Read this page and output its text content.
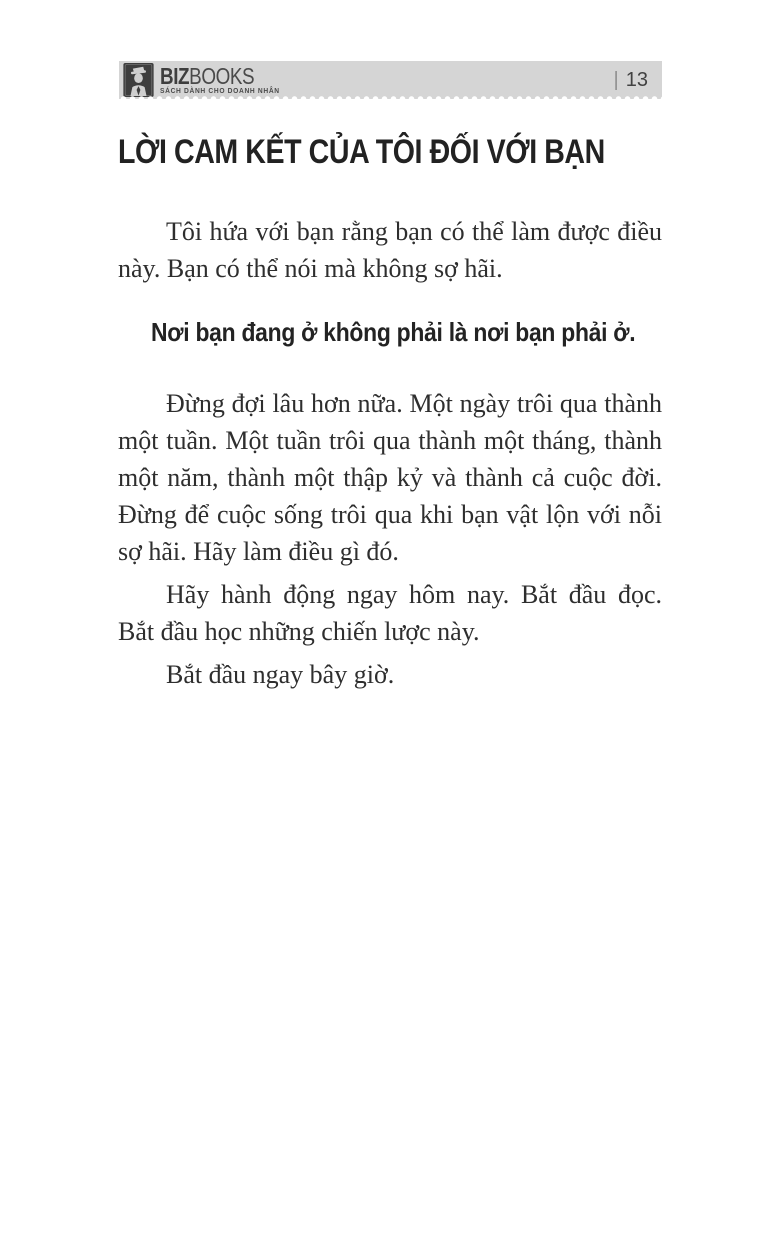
BIZBOOKS
SÁCH DÀNH CHO DOANH NHÂN
| 13
LỜI CAM KẾT CỦA TÔI ĐỐI VỚI BẠN

Tôi hứa với bạn rằng bạn có thể làm được điều này. Bạn có thể nói mà không sợ hãi.

Nơi bạn đang ở không phải là nơi bạn phải ở.

Đừng đợi lâu hơn nữa. Một ngày trôi qua thành một tuần. Một tuần trôi qua thành một tháng, thành một năm, thành một thập kỷ và thành cả cuộc đời. Đừng để cuộc sống trôi qua khi bạn vật lộn với nỗi sợ hãi. Hãy làm điều gì đó.

Hãy hành động ngay hôm nay. Bắt đầu đọc. Bắt đầu học những chiến lược này.

Bắt đầu ngay bây giờ.
